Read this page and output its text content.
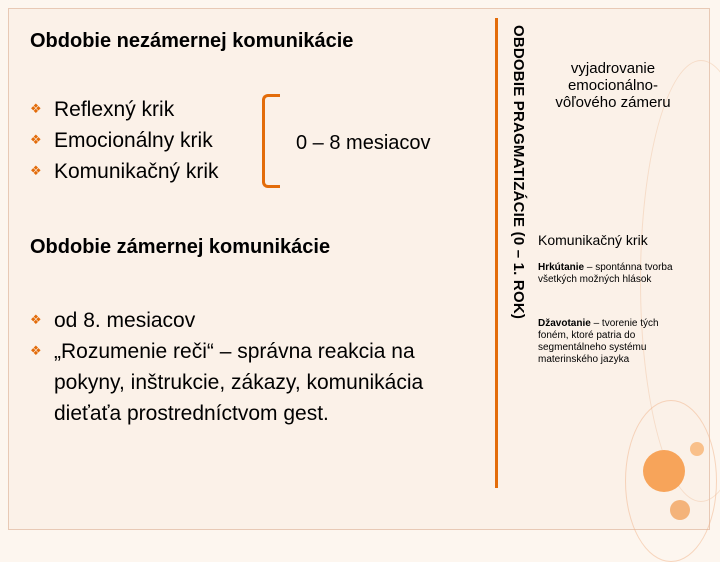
Obdobie nezámernej komunikácie
❖ Reflexný krik
❖ Emocionálny krik
❖ Komunikačný krik
0 – 8 mesiacov
Obdobie zámernej komunikácie
❖ od 8. mesiacov
❖ „Rozumenie reči“ – správna reakcia na pokyny, inštrukcie, zákazy, komunikácia dieťaťa prostredníctvom gest.
OBDOBIE PRAGMATIZÁCIE (0 – 1. ROK)	vyjadrovanie emocionálno-vôľového zámeru
Komunikačný krik
Hrkútanie – spontánna tvorba všetkých možných hlások
Džavotanie – tvorenie tých foném, ktoré patria do segmentálneho systému materinského jazyka
